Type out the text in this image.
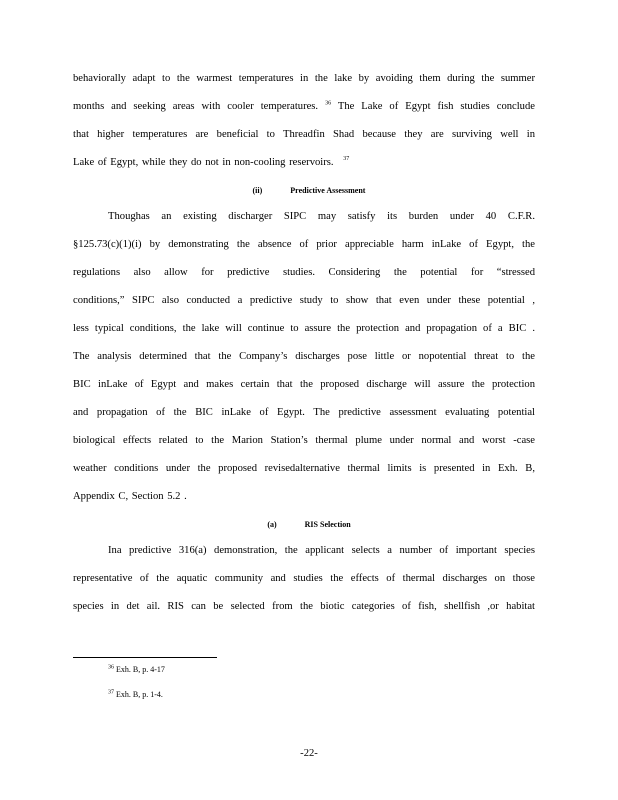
behaviorally adapt to the warmest temperatures in the lake by avoiding them during the summer
months and seeking areas with cooler temperatures. $^{36}$ The Lake of Egypt fish studies conclude
that higher temperatures are beneficial to Threadfin Shad because they are surviving well in
Lake of Egypt, while they do not in non-cooling reservoirs. $^{37}$
(ii)	Predictive Assessment
Thoughas an existing discharger SIPC may satisfy its burden under 40 C.F.R.
§125.73(c)(1)(i) by demonstrating the absence of prior appreciable harm inLake of Egypt, the
regulations also allow for predictive studies. Considering the potential for “stressed
conditions,” SIPC also conducted a predictive study to show that even under these potential ,
less typical conditions, the lake will continue to assure the protection and propagation of a BIC .
The analysis determined that the Company’s discharges pose little or nopotential threat to the
BIC inLake of Egypt and makes certain that the proposed discharge will assure the protection
and propagation of the BIC inLake of Egypt. The predictive assessment evaluating potential
biological effects related to the Marion Station’s thermal plume under normal and worst -case
weather conditions under the proposed revisedalternative thermal limits is presented in Exh. B,
Appendix C, Section 5.2 .
(a)	RIS Selection
Ina predictive 316(a) demonstration, the applicant selects a number of important species
representative of the aquatic community and studies the effects of thermal discharges on those
species in det ail. RIS can be selected from the biotic categories of fish, shellfish ,or habitat
$^{36}$ Exh. B, p. 4-17
$^{37}$ Exh. B, p. 1-4.
-22-
